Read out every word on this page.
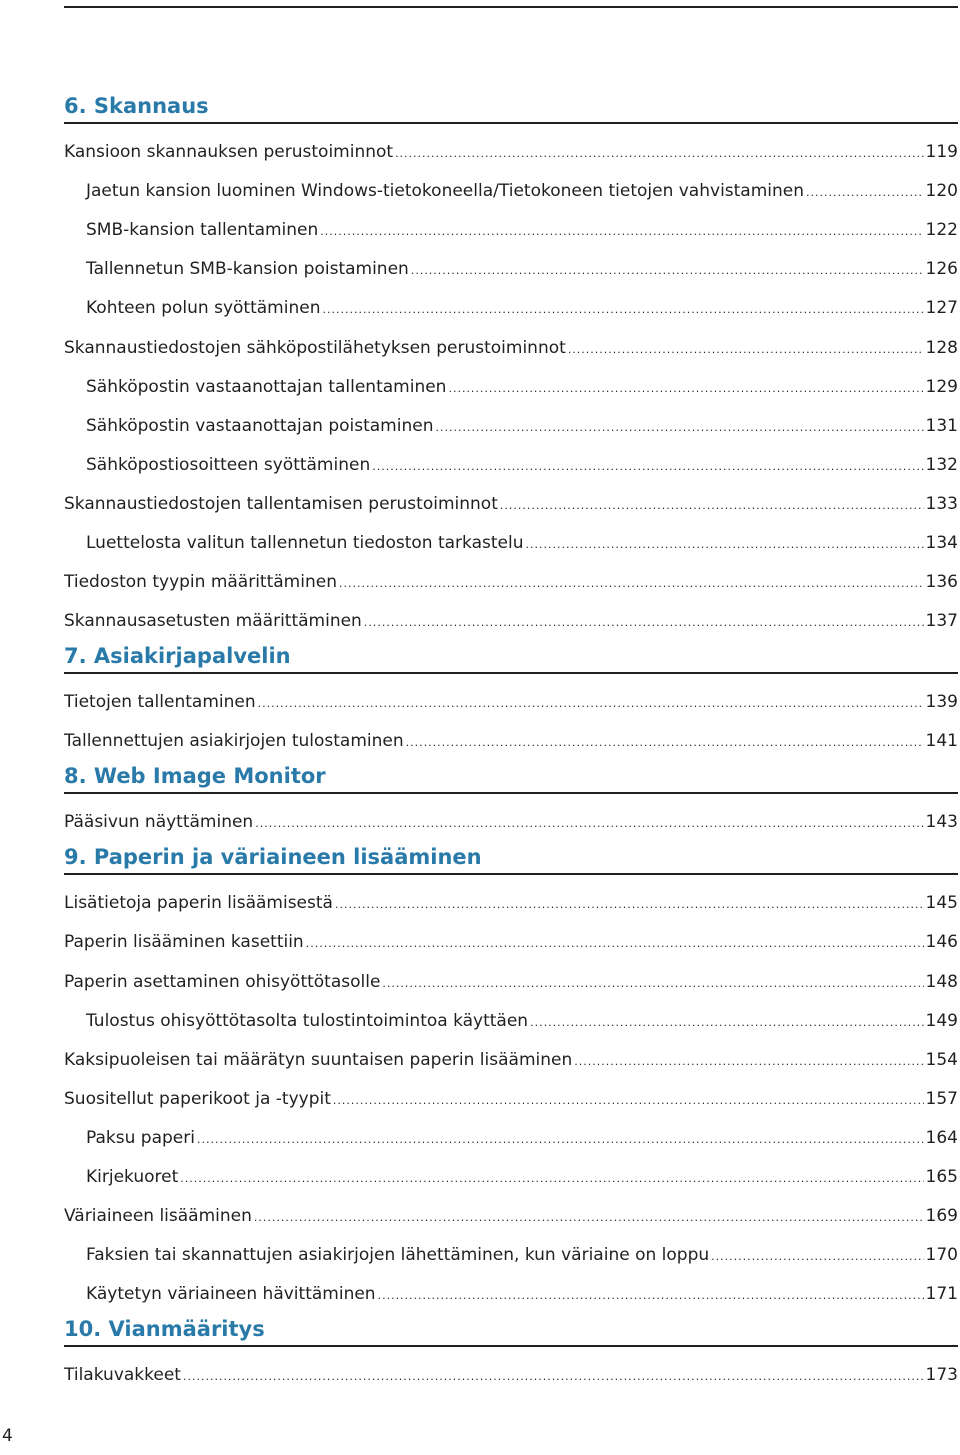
6. Skannaus
Kansioon skannauksen perustoiminnot .....	119
Jaetun kansion luominen Windows-tietokoneella/Tietokoneen tietojen vahvistaminen .....	120
SMB-kansion tallentaminen .....	122
Tallennetun SMB-kansion poistaminen .....	126
Kohteen polun syöttäminen .....	127
Skannaustiedostojen sähköpostilähetyksen perustoiminnot .....	128
Sähköpostin vastaanottajan tallentaminen .....	129
Sähköpostin vastaanottajan poistaminen .....	131
Sähköpostiosoitteen syöttäminen .....	132
Skannaustiedostojen tallentamisen perustoiminnot .....	133
Luettelosta valitun tallennetun tiedoston tarkastelu .....	134
Tiedoston tyypin määrittäminen .....	136
Skannausasetusten määrittäminen .....	137
7. Asiakirjapalvelin
Tietojen tallentaminen .....	139
Tallennettujen asiakirjojen tulostaminen .....	141
8. Web Image Monitor
Pääsivun näyttäminen .....	143
9. Paperin ja väriaineen lisääminen
Lisätietoja paperin lisäämisestä .....	145
Paperin lisääminen kasettiin .....	146
Paperin asettaminen ohisyöttötasolle .....	148
Tulostus ohisyöttötasolta tulostintoimintoa käyttäen .....	149
Kaksipuoleisen tai määrätyn suuntaisen paperin lisääminen .....	154
Suositellut paperikoot ja -tyypit .....	157
Paksu paperi .....	164
Kirjekuoret .....	165
Väriaineen lisääminen .....	169
Faksien tai skannattujen asiakirjojen lähettäminen, kun väriaine on loppu .....	170
Käytetyn väriaineen hävittäminen .....	171
10. Vianmääritys
Tilakuvakkeet .....	173
4
